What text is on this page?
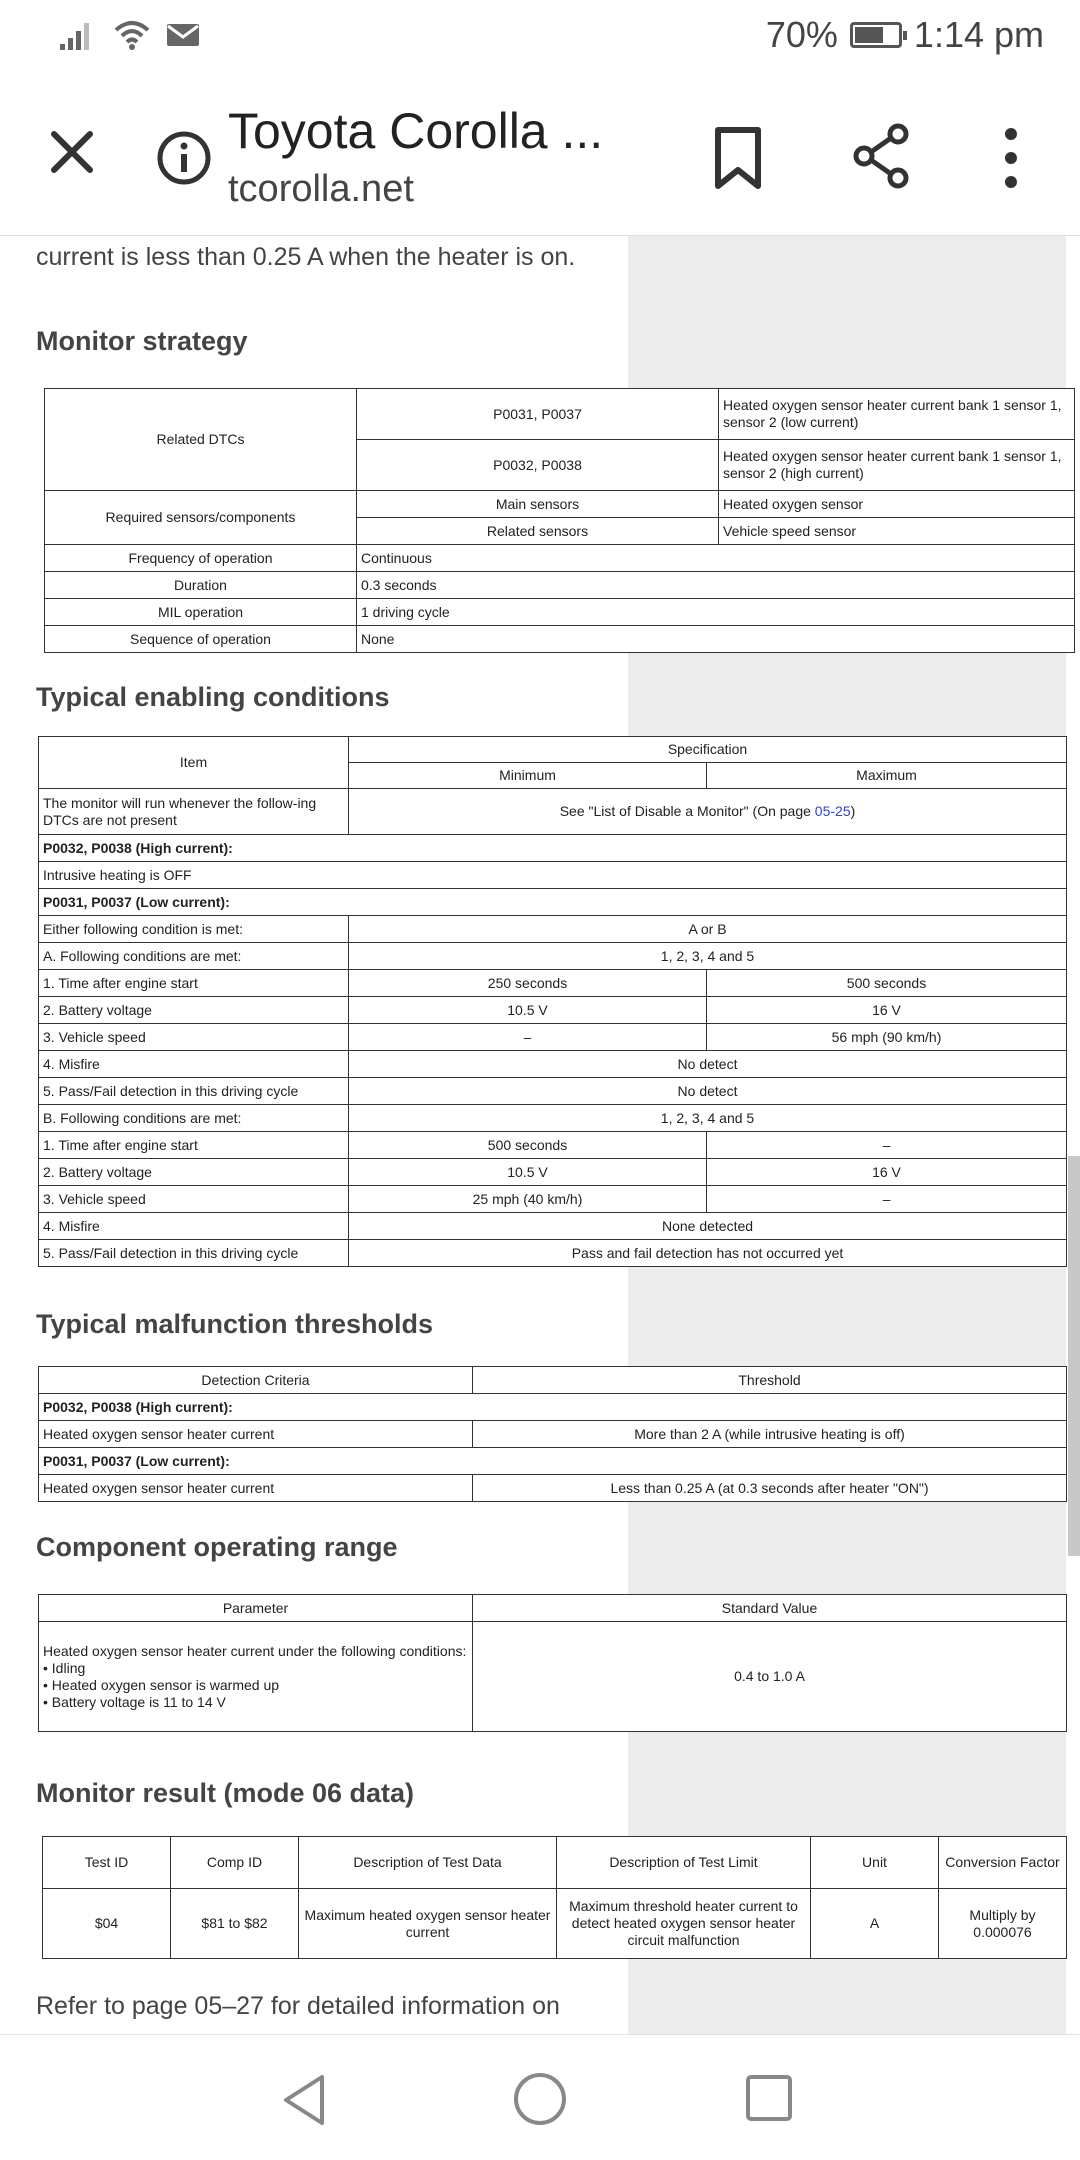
70% 1:14 pm
Toyota Corolla ...
tcorolla.net
current is less than 0.25 A when the heater is on.
Monitor strategy
Related DTCs	P0031, P0037	Heated oxygen sensor heater current bank 1 sensor 1, sensor 2 (low current)
	P0032, P0038	Heated oxygen sensor heater current bank 1 sensor 1, sensor 2 (high current)
Required sensors/components	Main sensors	Heated oxygen sensor
	Related sensors	Vehicle speed sensor
Frequency of operation	Continuous	
Duration	0.3 seconds	
MIL operation	1 driving cycle	
Sequence of operation	None	
Typical enabling conditions
Item	Specification	
	Minimum	Maximum
The monitor will run whenever the follow-ing DTCs are not present	See "List of Disable a Monitor" (On page 05-25)	
P0032, P0038 (High current):		
Intrusive heating is OFF		
P0031, P0037 (Low current):		
Either following condition is met:	A or B	
A. Following conditions are met:	1, 2, 3, 4 and 5	
1. Time after engine start	250 seconds	500 seconds
2. Battery voltage	10.5 V	16 V
3. Vehicle speed	–	56 mph (90 km/h)
4. Misfire	No detect	
5. Pass/Fail detection in this driving cycle	No detect	
B. Following conditions are met:	1, 2, 3, 4 and 5	
1. Time after engine start	500 seconds	–
2. Battery voltage	10.5 V	16 V
3. Vehicle speed	25 mph (40 km/h)	–
4. Misfire	None detected	
5. Pass/Fail detection in this driving cycle	Pass and fail detection has not occurred yet	
Typical malfunction thresholds
Detection Criteria	Threshold
P0032, P0038 (High current):	
Heated oxygen sensor heater current	More than 2 A (while intrusive heating is off)
P0031, P0037 (Low current):	
Heated oxygen sensor heater current	Less than 0.25 A (at 0.3 seconds after heater "ON")
Component operating range
Parameter	Standard Value

Heated oxygen sensor heater current under the following conditions:
• Idling
• Heated oxygen sensor is warmed up
• Battery voltage is 11 to 14 V	0.4 to 1.0 A
Monitor result (mode 06 data)
Test ID	Comp ID	Description of Test Data	Description of Test Limit	Unit	Conversion Factor
$04	$81 to $82	Maximum heated oxygen sensor heater current	Maximum threshold heater current to detect heated oxygen sensor heater circuit malfunction	A	Multiply by 0.000076
Refer to page 05–27 for detailed information on
